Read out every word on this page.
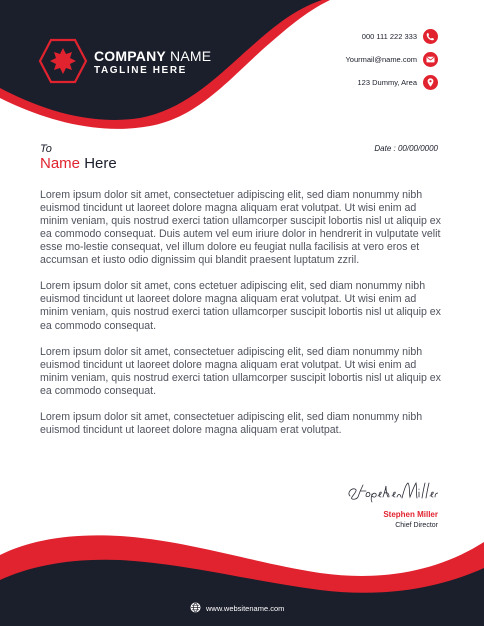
COMPANY NAME
TAGLINE HERE
000 111 222 333
Yourmail@name.com
123 Dummy, Area
To
Name Here
Date : 00/00/0000

Lorem ipsum dolor sit amet, consectetuer adipiscing elit, sed diam nonummy nibh euismod tincidunt ut laoreet dolore magna aliquam erat volutpat. Ut wisi enim ad minim veniam, quis nostrud exerci tation ullamcorper suscipit lobortis nisl ut aliquip ex ea commodo consequat. Duis autem vel eum iriure dolor in hendrerit in vulputate velit esse mo-lestie consequat, vel illum dolore eu feugiat nulla facilisis at vero eros et accumsan et iusto odio dignissim qui blandit praesent luptatum zzril.

Lorem ipsum dolor sit amet, cons ectetuer adipiscing elit, sed diam nonummy nibh euismod tincidunt ut laoreet dolore magna aliquam erat volutpat. Ut wisi enim ad minim veniam, quis nostrud exerci tation ullamcorper suscipit lobortis nisl ut aliquip ex ea commodo consequat.

Lorem ipsum dolor sit amet, consectetuer adipiscing elit, sed diam nonummy nibh euismod tincidunt ut laoreet dolore magna aliquam erat volutpat. Ut wisi enim ad minim veniam, quis nostrud exerci tation ullamcorper suscipit lobortis nisl ut aliquip ex ea commodo consequat.

Lorem ipsum dolor sit amet, consectetuer adipiscing elit, sed diam nonummy nibh euismod tincidunt ut laoreet dolore magna aliquam erat volutpat.

Stephen Miller
Chief Director
www.websitename.com
